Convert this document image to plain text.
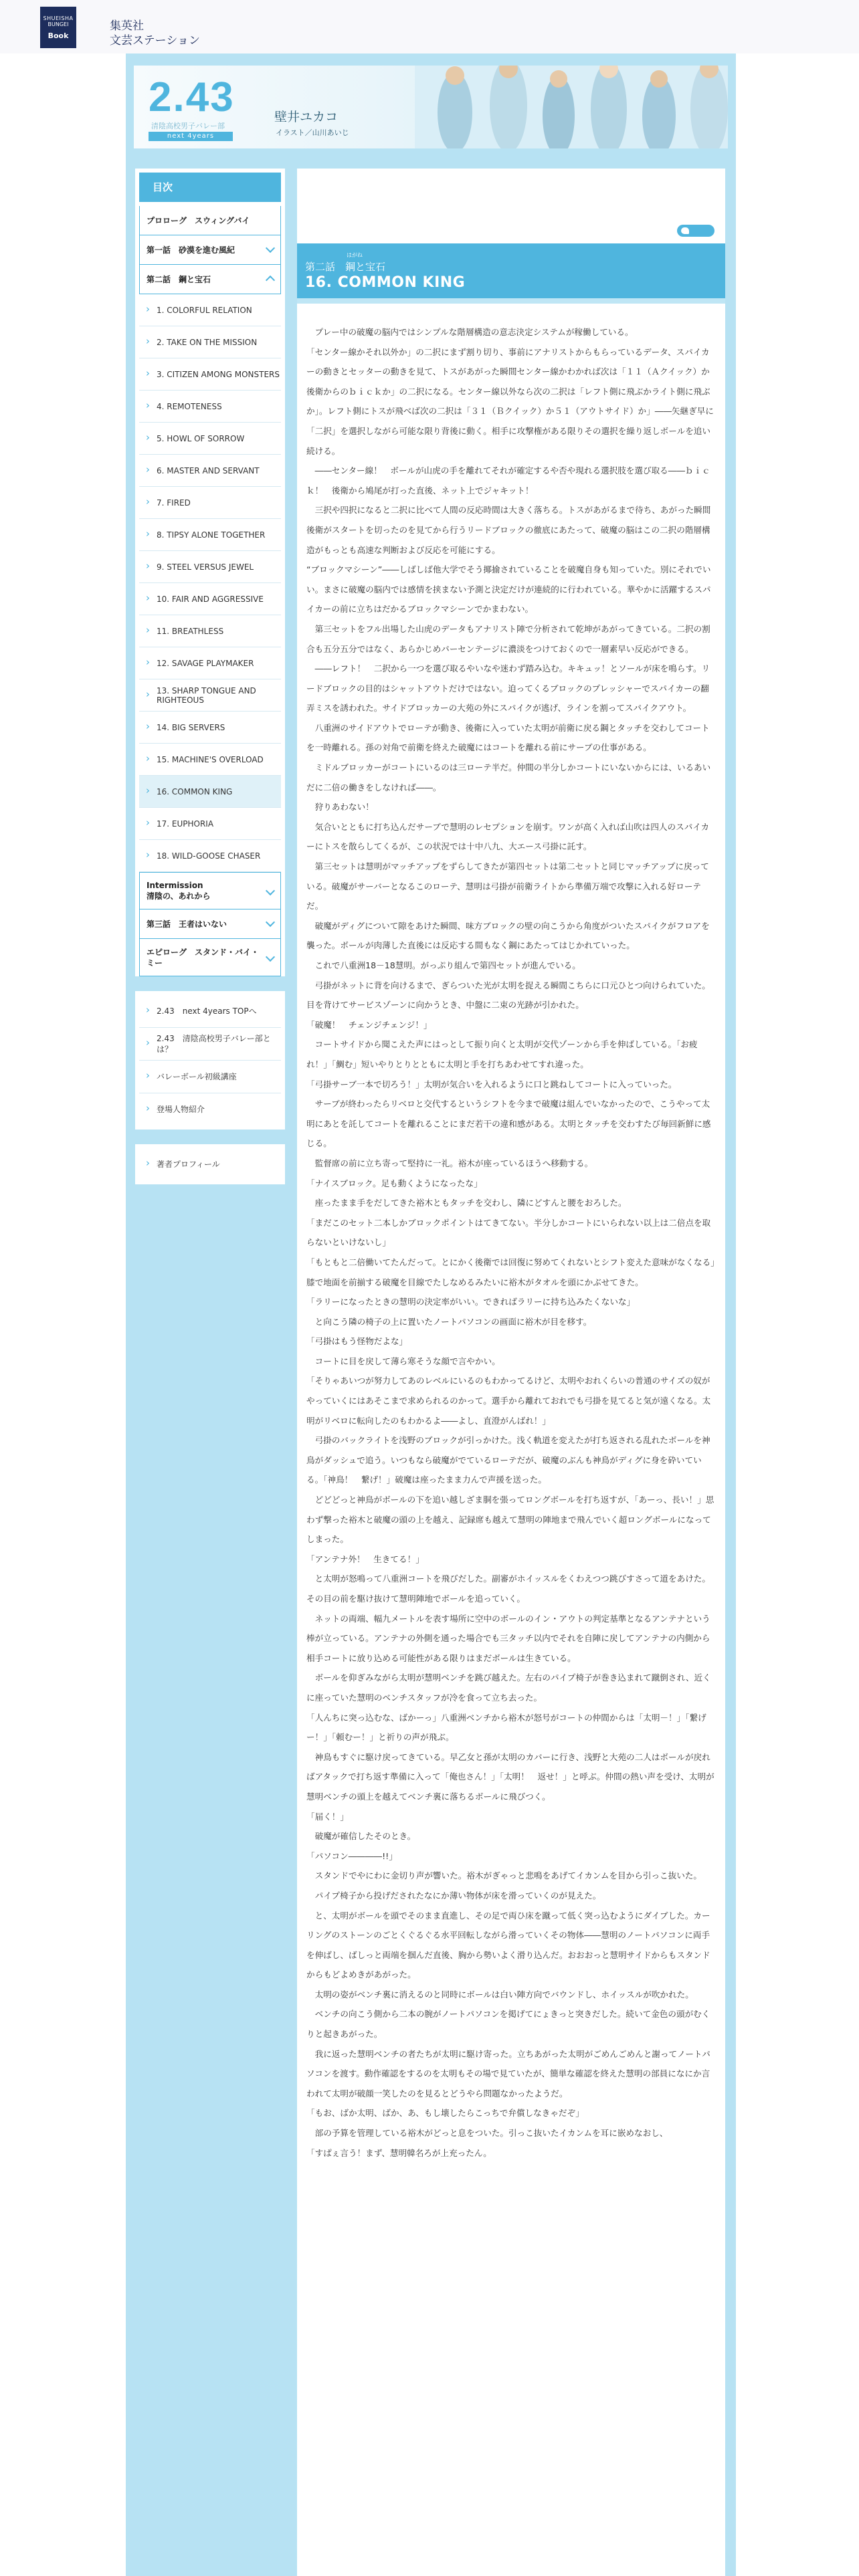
SHUEISHA
BUNGEI
Book
集英社
文芸ステーション
2.43
清陰高校男子バレー部
next 4years
壁井ユカコ
イラスト／山川あいじ
目次
プロローグ　スウィングバイ
第一話　砂漠を進む風紀
第二話　鋼と宝石
› 1. COLORFUL RELATION
› 2. TAKE ON THE MISSION
› 3. CITIZEN AMONG MONSTERS
› 4. REMOTENESS
› 5. HOWL OF SORROW
› 6. MASTER AND SERVANT
› 7. FIRED
› 8. TIPSY ALONE TOGETHER
› 9. STEEL VERSUS JEWEL
› 10. FAIR AND AGGRESSIVE
› 11. BREATHLESS
› 12. SAVAGE PLAYMAKER
› 13. SHARP TONGUE AND RIGHTEOUS
› 14. BIG SERVERS
› 15. MACHINE'S OVERLOAD
› 16. COMMON KING
› 17. EUPHORIA
› 18. WILD-GOOSE CHASER
Intermission
清陰の、あれから
第三話　王者はいない
エピローグ　スタンド・バイ・
ミー
› 2.43　next 4years TOPへ
› 2.43　清陰高校男子バレー部とは？
› バレーボール初級講座
› 登場人物紹介
› 著者プロフィール
はがね
第二話　鋼と宝石
16. COMMON KING

プレー中の破魔の脳内ではシンプルな階層構造の意志決定システムが稼働している。

「センター線かそれ以外か」の二択にまず割り切り、事前にアナリストからもらっているデータ、スパイカーの動きとセッターの動きを見て、トスがあがった瞬間センター線かわかれば次は「１１（Ａクイック）か後衛からのｂｉｃｋか」の二択になる。センター線以外なら次の二択は「レフト側に飛ぶかライト側に飛ぶか」。レフト側にトスが飛べば次の二択は「３１（Ｂクイック）か５１（アウトサイド）か」――矢継ぎ早に「二択」を選択しながら可能な限り背後に動く。相手に攻撃権がある限りその選択を繰り返しボールを追い続ける。

――センター線！　ボールが山虎の手を離れてそれが確定するや否や現れる選択肢を選び取る――ｂｉｃｋ！　後衛から鳩尾が打った直後、ネット上でジャキット！

三択や四択になると二択に比べて人間の反応時間は大きく落ちる。トスがあがるまで待ち、あがった瞬間後衛がスタートを切ったのを見てから行うリードブロックの徹底にあたって、破魔の脳はこの二択の階層構造がもっとも高速な判断および反応を可能にする。

“ブロックマシーン”――しばしば他大学でそう揶揄されていることを破魔自身も知っていた。別にそれでいい。まさに破魔の脳内では感情を挟まない予測と決定だけが連続的に行われている。華やかに活躍するスパイカーの前に立ちはだかるブロックマシーンでかまわない。

第三セットをフル出場した山虎のデータもアナリスト陣で分析されて乾坤があがってきている。二択の割合も五分五分ではなく、あらかじめパーセンテージに濃淡をつけておくので一層素早い反応ができる。

――レフト！　二択から一つを選び取るやいなや迷わず踏み込む。キキュッ！とソールが床を鳴らす。リードブロックの目的はシャットアウトだけではない。迫ってくるブロックのプレッシャーでスパイカーの翻弄ミスを誘われた。サイドブロッカーの大苑の外にスパイクが逃げ、ラインを割ってスパイクアウト。

八重洲のサイドアウトでローテが動き、後衛に入っていた太明が前衛に戻る鋼とタッチを交わしてコートを一時離れる。孫の対角で前衛を終えた破魔にはコートを離れる前にサーブの仕事がある。

ミドルブロッカーがコートにいるのは三ローテ半だ。仲間の半分しかコートにいないからには、いるあいだに二倍の働きをしなければ――。

狩りあわない！

気合いとともに打ち込んだサーブで慧明のレセプションを崩す。ワンが高く入れば山吹は四人のスパイカーにトスを散らしてくるが、この状況では十中八九、大エース弓掛に託す。

第三セットは慧明がマッチアップをずらしてきたが第四セットは第二セットと同じマッチアップに戻っている。破魔がサーバーとなるこのローテ、慧明は弓掛が前衛ライトから準備万端で攻撃に入れる好ローテだ。

破魔がディグについて隙をあけた瞬間、味方ブロックの壁の向こうから角度がついたスパイクがフロアを襲った。ボールが肉薄した直後には反応する間もなく鋼にあたってはじかれていった。

これで八重洲18－18慧明。がっぷり組んで第四セットが進んでいる。

弓掛がネットに背を向けるまで、ぎらついた光が太明を捉える瞬間こちらに口元ひとつ向けられていた。目を背けてサービスゾーンに向かうとき、中盤に二束の光跡が引かれた。

「破魔！　チェンジチェンジ！」

コートサイドから聞こえた声にはっとして振り向くと太明が交代ゾーンから手を伸ばしている。「お疲れ！」「鯛む」短いやりとりとともに太明と手を打ちあわせてすれ違った。

「弓掛サーブ一本で切ろう！」太明が気合いを入れるように口と跳ねしてコートに入っていった。

サーブが終わったらリベロと交代するというシフトを今まで破魔は組んでいなかったので、こうやって太明にあとを託してコートを離れることにまだ若干の違和感がある。太明とタッチを交わすたび毎回新鮮に感じる。

監督席の前に立ち寄って堅持に一礼。裕木が座っているほうへ移動する。

「ナイスブロック。足も動くようになったな」

座ったまま手をだしてきた裕木ともタッチを交わし、隣にどすんと腰をおろした。

「まだこのセット二本しかブロックポイントはてきてない。半分しかコートにいられない以上は二倍点を取らないといけないし」

「もともと二倍働いてたんだって。とにかく後衛では回復に努めてくれないとシフト変えた意味がなくなる」膝で地面を前揃する破魔を目線でたしなめるみたいに裕木がタオルを頭にかぶせてきた。

「ラリーになったときの慧明の決定率がいい。できればラリーに持ち込みたくないな」

と向こう隣の椅子の上に置いたノートパソコンの画面に裕木が目を移す。

「弓掛はもう怪物だよな」

コートに目を戻して薄ら寒そうな顔で言やかい。

「そりゃあいつが努力してあのレベルにいるのもわかってるけど、太明やおれくらいの普通のサイズの奴がやっていくにはあそこまで求められるのかって。選手から離れておれでも弓掛を見てると気が遠くなる。太明がリベロに転向したのもわかるよ――よし、直澄がんばれ！」

弓掛のバックライトを浅野のブロックが引っかけた。浅く軌道を変えたが打ち返される乱れたボールを神鳥がダッシュで追う。いつもなら破魔がでているローテだが、破魔のぶんも神鳥がディグに身を砕いている。「神鳥！　繋げ！」破魔は座ったまま力んで声援を送った。

どどどっと神鳥がボールの下を追い越しざま胴を張ってロングボールを打ち返すが、「あーっ、長い！」思わず撃った裕木と破魔の頭の上を越え、記録席も越えて慧明の陣地まで飛んでいく超ロングボールになってしまった。

「アンテナ外！　生きてる！」

と太明が怒鳴って八重洲コートを飛びだした。副審がホイッスルをくわえつつ跳びすさって道をあけた。その目の前を駆け抜けて慧明陣地でボールを追っていく。

ネットの両端、幅九メートルを表す場所に空中のボールのイン・アウトの判定基準となるアンテナという棒が立っている。アンテナの外側を通った場合でも三タッチ以内でそれを自陣に戻してアンテナの内側から相手コートに放り込める可能性がある限りはまだボールは生きている。

ボールを仰ぎみながら太明が慧明ベンチを跳び越えた。左右のパイプ椅子が巻き込まれて蹴倒され、近くに座っていた慧明のベンチスタッフが冷を食って立ち去った。

「人んちに突っ込むな、ばかーっ」八重洲ベンチから裕木が怒号がコートの仲間からは「太明－！」「繋げー！」「頼むー！」と祈りの声が飛ぶ。

神鳥もすぐに駆け戻ってきている。早乙女と孫が太明のカバーに行き、浅野と大苑の二人はボールが戻ればアタックで打ち返す準備に入って「俺也さん！」「太明！　返せ！」と呼ぶ。仲間の熱い声を受け、太明が慧明ベンチの頭上を越えてベンチ裏に落ちるボールに飛びつく。

「届く！」

破魔が確信したそのとき。

「パソコン――――!!」

スタンドでやにわに金切り声が響いた。裕木がぎゃっと悲鳴をあげてイカンムを目から引っこ抜いた。

パイプ椅子から投げだされたなにか薄い物体が床を滑っていくのが見えた。

と、太明がボールを頭でそのまま直進し、その足で両ひ床を蹴って低く突っ込むようにダイブした。カーリングのストーンのごとくぐるぐる水平回転しながら滑っていくその物体――慧明のノートパソコンに両手を伸ばし、ばしっと両端を掴んだ直後、胸から勢いよく滑り込んだ。おおおっと慧明サイドからもスタンドからもどよめきがあがった。

太明の姿がベンチ裏に消えるのと同時にボールは白い陣方向でバウンドし、ホイッスルが吹かれた。

ベンチの向こう側から二本の腕がノートパソコンを掲げてにょきっと突きだした。続いて金色の頭がむくりと起きあがった。

我に返った慧明ベンチの者たちが太明に駆け寄った。立ちあがった太明がごめんごめんと謝ってノートパソコンを渡す。動作確認をするのを太明もその場で見ていたが、簡単な確認を終えた慧明の部員になにか言われて太明が破顔一笑したのを見るとどうやら問題なかったようだ。

「もお、ばか太明、ばか、あ、もし壊したらこっちで弁償しなきゃだぞ」

部の予算を管理している裕木がどっと息をついた。引っこ抜いたイカンムを耳に嵌めなおし、

「すぱぇ言う！まず、慧明韓名ろが上充ったん。
